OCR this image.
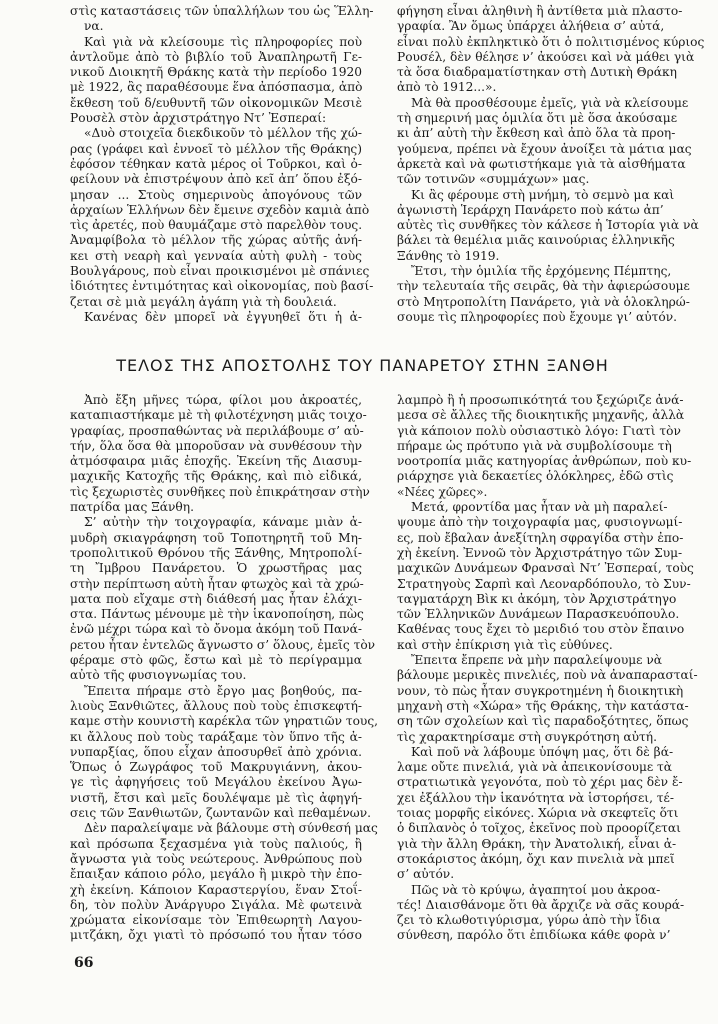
στὶς καταστάσεις τῶν ὑπαλλήλων του ὡς Ἕλλη-
να.
Καὶ γιὰ νὰ κλείσουμε τὶς πληροφορίες ποὺ
ἀντλοῦμε ἀπὸ τὸ βιβλίο τοῦ Ἀναπληρωτῆ Γε-
νικοῦ Διοικητῆ Θράκης κατὰ τὴν περίοδο 1920
μὲ 1922, ἂς παραθέσουμε ἕνα ἀπόσπασμα, ἀπὸ
ἔκθεση τοῦ δ/ευθυντῆ τῶν οἰκονομικῶν Μεσιὲ
Ρουσὲλ στὸν ἀρχιστράτηγο Ντ’ Ἐσπεραί:
«Δυὸ στοιχεῖα διεκδικοῦν τὸ μέλλον τῆς χώ-
ρας (γράφει καὶ ἐννοεῖ τὸ μέλλον τῆς Θράκης)
ἐφόσον τέθηκαν κατὰ μέρος οἱ Τοῦρκοι, καὶ ὀ-
φείλουν νὰ ἐπιστρέψουν ἀπὸ κεῖ ἀπ’ ὅπου ἐξό-
μησαν ... Στοὺς σημερινοὺς ἀπογόνους τῶν
ἀρχαίων Ἑλλήνων δὲν ἔμεινε σχεδὸν καμιὰ ἀπὸ
τὶς ἀρετές, ποὺ θαυμάζαμε στὸ παρελθὸν τους.
Ἀναμφίβολα τὸ μέλλον τῆς χώρας αὐτῆς ἀνή-
κει στὴ νεαρὴ καὶ γενναία αὐτὴ φυλὴ - τοὺς
Βουλγάρους, ποὺ εἶναι προικισμένοι μὲ σπάνιες
ἰδιότητες ἐντιμότητας καὶ οἰκονομίας, ποὺ βασί-
ζεται σὲ μιὰ μεγάλη ἀγάπη γιὰ τὴ δουλειά.
Κανένας δὲν μπορεῖ νὰ ἐγγυηθεῖ ὅτι ἡ ἀ-
φήγηση εἶναι ἀληθινὴ ἢ ἀντίθετα μιὰ πλαστο-
γραφία. Ἂν ὅμως ὑπάρχει ἀλήθεια σ’ αὐτά,
εἶναι πολὺ ἐκπληκτικὸ ὅτι ὁ πολιτισμένος κύριος
Ρουσέλ, δὲν θέλησε ν’ ἀκούσει καὶ νὰ μάθει γιὰ
τὰ ὅσα διαδραματίστηκαν στὴ Δυτικὴ Θράκη
ἀπὸ τὸ 1912...».
Μὰ θὰ προσθέσουμε ἐμεῖς, γιὰ νὰ κλείσουμε
τὴ σημερινή μας ὁμιλία ὅτι μὲ ὅσα ἀκούσαμε
κι ἀπ’ αὐτὴ τὴν ἔκθεση καὶ ἀπὸ ὅλα τὰ προη-
γούμενα, πρέπει νὰ ἔχουν ἀνοίξει τὰ μάτια μας
ἀρκετὰ καὶ νὰ φωτιστήκαμε γιὰ τὰ αἰσθήματα
τῶν τοτινῶν «συμμάχων» μας.
Κι ἂς φέρουμε στὴ μνήμη, τὸ σεμνὸ μα καὶ
ἀγωνιστὴ Ἱεράρχη Πανάρετο ποὺ κάτω ἀπ’
αὐτὲς τὶς συνθῆκες τὸν κάλεσε ἡ Ἱστορία γιὰ νὰ
βάλει τὰ θεμέλια μιᾶς καινούριας ἑλληνικῆς
Ξάνθης τὸ 1919.
Ἔτσι, τὴν ὁμιλία τῆς ἐρχόμενης Πέμπτης,
τὴν τελευταία τῆς σειρᾶς, θὰ τὴν ἀφιερώσουμε
στὸ Μητροπολίτη Πανάρετο, γιὰ νὰ ὁλοκληρώ-
σουμε τὶς πληροφορίες ποὺ ἔχουμε γι’ αὐτόν.
ΤΕΛΟΣ ΤΗΣ ΑΠΟΣΤΟΛΗΣ ΤΟΥ ΠΑΝΑΡΕΤΟΥ ΣΤΗΝ ΞΑΝΘΗ
Ἀπὸ ἔξη μῆνες τώρα, φίλοι μου ἀκροατές,
καταπιαστήκαμε μὲ τὴ φιλοτέχνηση μιᾶς τοιχο-
γραφίας, προσπαθώντας νὰ περιλάβουμε σ’ αὐ-
τήν, ὅλα ὅσα θὰ μποροῦσαν νὰ συνθέσουν τὴν
ἀτμόσφαιρα μιᾶς ἐποχῆς. Ἐκείνη τῆς Διασυμ-
μαχικῆς Κατοχῆς τῆς Θράκης, καὶ πιὸ εἰδικά,
τὶς ξεχωριστὲς συνθῆκες ποὺ ἐπικράτησαν στὴν
πατρίδα μας Ξάνθη.
Σ’ αὐτὴν τὴν τοιχογραφία, κάναμε μιὰν ἀ-
μυδρὴ σκιαγράφηση τοῦ Τοποτηρητῆ τοῦ Μη-
τροπολιτικοῦ Θρόνου τῆς Ξάνθης, Μητροπολί-
τη Ἴμβρου Πανάρετου. Ὁ χρωστῆρας μας
στὴν περίπτωση αὐτὴ ἦταν φτωχὸς καὶ τὰ χρώ-
ματα ποὺ εἴχαμε στὴ διάθεσή μας ἦταν ἐλάχι-
στα. Πάντως μένουμε μὲ τὴν ἱκανοποίηση, πὼς
ἐνῶ μέχρι τώρα καὶ τὸ ὄνομα ἀκόμη τοῦ Πανά-
ρετου ἦταν ἐντελῶς ἄγνωστο σ’ ὅλους, ἐμεῖς τὸν
φέραμε στὸ φῶς, ἔστω καὶ μὲ τὸ περίγραμμα
αὐτὸ τῆς φυσιογνωμίας του.
Ἔπειτα πήραμε στὸ ἔργο μας βοηθούς, πα-
λιοὺς Ξανθιῶτες, ἄλλους ποὺ τοὺς ἐπισκεφτή-
καμε στὴν κουνιστὴ καρέκλα τῶν γηρατιῶν τους,
κι ἄλλους ποὺ τοὺς ταράξαμε τὸν ὕπνο τῆς ἀ-
νυπαρξίας, ὅπου εἶχαν ἀποσυρθεῖ ἀπὸ χρόνια.
Ὅπως ὁ Ζωγράφος τοῦ Μακρυγιάννη, ἀκου-
γε τὶς ἀφηγήσεις τοῦ Μεγάλου ἐκείνου Ἀγω-
νιστῆ, ἔτσι καὶ μεῖς δουλέψαμε μὲ τὶς ἀφηγή-
σεις τῶν Ξανθιωτῶν, ζωντανῶν καὶ πεθαμένων.
Δὲν παραλείψαμε νὰ βάλουμε στὴ σύνθεσή μας
καὶ πρόσωπα ξεχασμένα γιὰ τοὺς παλιούς, ἢ
ἄγνωστα γιὰ τοὺς νεώτερους. Ἀνθρώπους ποὺ
ἔπαιξαν κάποιο ρόλο, μεγάλο ἢ μικρὸ τὴν ἐπο-
χὴ ἐκείνη. Κάποιον Καραστεργίου, ἕναν Στοΐ-
δη, τὸν πολὺν Ἀνάργυρο Σιγάλα. Μὲ φωτεινὰ
χρώματα εἰκονίσαμε τὸν Ἐπιθεωρητὴ Λαγου-
μιτζάκη, ὄχι γιατὶ τὸ πρόσωπό του ἦταν τόσο
λαμπρὸ ἢ ἡ προσωπικότητά του ξεχώριζε ἀνά-
μεσα σὲ ἄλλες τῆς διοικητικῆς μηχανῆς, ἀλλὰ
γιὰ κάποιον πολὺ οὐσιαστικὸ λόγο: Γιατὶ τὸν
πήραμε ὡς πρότυπο γιὰ νὰ συμβολίσουμε τὴ
νοοτροπία μιᾶς κατηγορίας ἀνθρώπων, ποὺ κυ-
ριάρχησε γιὰ δεκαετίες ὁλόκληρες, ἐδῶ στὶς
«Νέες χῶρες».
Μετά, φροντίδα μας ἦταν νὰ μὴ παραλεί-
ψουμε ἀπὸ τὴν τοιχογραφία μας, φυσιογνωμί-
ες, ποὺ ἔβαλαν ἀνεξίτηλη σφραγίδα στὴν ἐπο-
χὴ ἐκείνη. Ἐννοῶ τὸν Ἀρχιστράτηγο τῶν Συμ-
μαχικῶν Δυνάμεων Φρανσαὶ Ντ’ Ἐσπεραί, τοὺς
Στρατηγοὺς Σαρπὶ καὶ Λεοναρδόπουλο, τὸ Συν-
ταγματάρχη Βὶκ κι ἀκόμη, τὸν Ἀρχιστράτηγο
τῶν Ἑλληνικῶν Δυνάμεων Παρασκευόπουλο.
Καθένας τους ἔχει τὸ μεριδιό του στὸν ἔπαινο
καὶ στὴν ἐπίκριση γιὰ τὶς εὐθύνες.
Ἔπειτα ἔπρεπε νὰ μὴν παραλείψουμε νὰ
βάλουμε μερικὲς πινελιές, ποὺ νὰ ἀναπαρασταί-
νουν, τὸ πὼς ἦταν συγκροτημένη ἡ διοικητικὴ
μηχανὴ στὴ «Χώρα» τῆς Θράκης, τὴν κατάστα-
ση τῶν σχολείων καὶ τὶς παραδοξότητες, ὅπως
τὶς χαρακτηρίσαμε στὴ συγκρότηση αὐτή.
Καὶ ποῦ νὰ λάβουμε ὑπόψη μας, ὅτι δὲ βά-
λαμε οὔτε πινελιά, γιὰ νὰ ἀπεικονίσουμε τὰ
στρατιωτικὰ γεγονότα, ποὺ τὸ χέρι μας δὲν ἔ-
χει ἐξάλλου τὴν ἱκανότητα νὰ ἱστορήσει, τέ-
τοιας μορφῆς εἰκόνες. Χώρια νὰ σκεφτεῖς ὅτι
ὁ διπλανὸς ὁ τοῖχος, ἐκεῖνος ποὺ προορίζεται
γιὰ τὴν ἄλλη Θράκη, τὴν Ἀνατολική, εἶναι ἀ-
στοκάριστος ἀκόμη, ὄχι καν πινελιὰ νὰ μπεῖ
σ’ αὐτόν.
Πῶς νὰ τὸ κρύψω, ἀγαπητοί μου ἀκροα-
τές! Διαισθάνομε ὅτι θὰ ἄρχιζε νὰ σᾶς κουρά-
ζει τὸ κλωθοτιγύρισμα, γύρω ἀπὸ τὴν ἴδια
σύνθεση, παρόλο ὅτι ἐπιδίωκα κάθε φορὰ ν’
66
